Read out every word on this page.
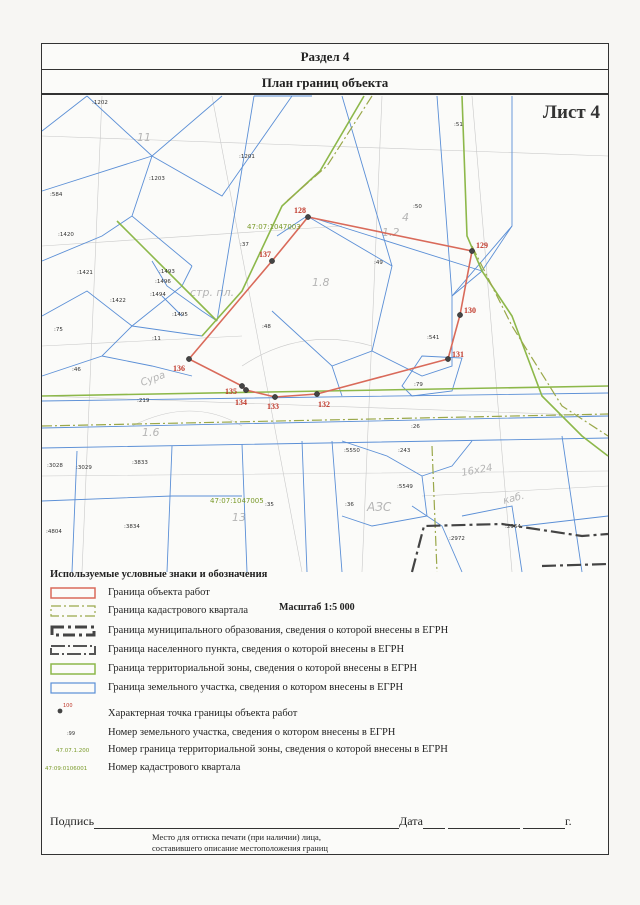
Раздел 4
План границ объекта
стр. пл.
Сура
АЗС
16х24
каб.
1.2
1.8
1.6
13
4
11
128
129
130
131
132
133
134
135
136
137
47:07:1047003
47:07:1047005
:1202
:1201
:1203
:584
:1420
:1421
:1422
:1493
:1496
:1494
:1495
:75
:11
:46
:219
:37
:48
:49
:50
:51
:541
:79
:26
:3028 :3029
:3833
:5550	:243
:5549
:35	:36
:3834
:4804
:2972
:2964
Лист 4
Масштаб 1:5 000
Используемые условные знаки и обозначения
Граница объекта работ
Граница кадастрового квартала
Граница муниципального образования, сведения о которой внесены в ЕГРН
Граница населенного пункта, сведения о которой внесены в ЕГРН
Граница территориальной зоны, сведения о которой внесены в ЕГРН
Граница земельного участка, сведения о котором внесены в ЕГРН
100
Характерная точка границы объекта работ
:99	Номер земельного участка, сведения о котором внесены в ЕГРН
47.07.1.200 Номер граница территориальной зоны, сведения о которой внесены в ЕГРН
47:09:0106001 Номер кадастрового квартала
Подпись	Дата	г.
Место для оттиска печати (при наличии) лица,
составившего описание местоположения границ
